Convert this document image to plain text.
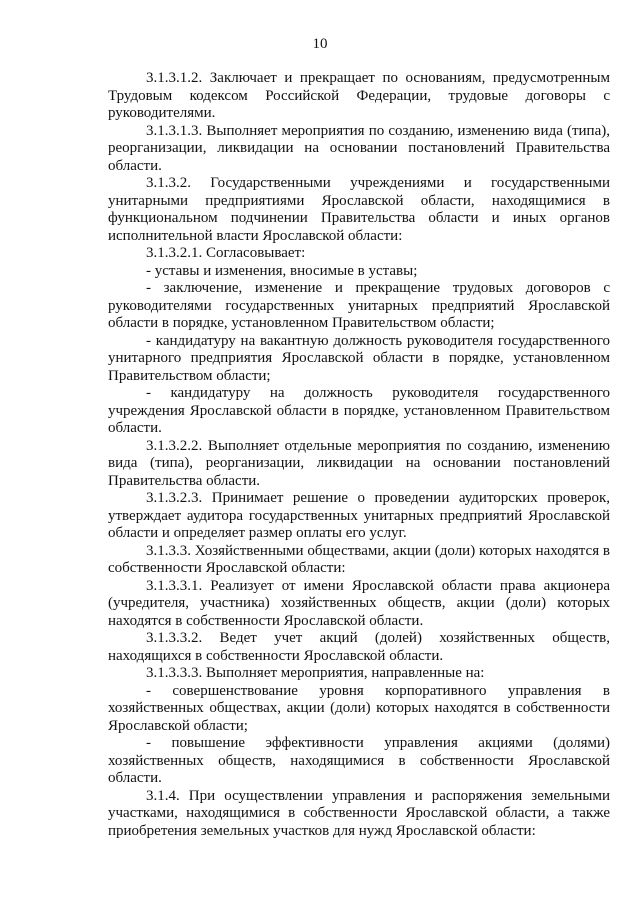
10

3.1.3.1.2. Заключает и прекращает по основаниям, предусмотренным Трудовым кодексом Российской Федерации, трудовые договоры с руководителями.

3.1.3.1.3. Выполняет мероприятия по созданию, изменению вида (типа), реорганизации, ликвидации на основании постановлений Правительства области.

3.1.3.2. Государственными учреждениями и государственными унитарными предприятиями Ярославской области, находящимися в функциональном подчинении Правительства области и иных органов исполнительной власти Ярославской области:

3.1.3.2.1. Согласовывает:

- уставы и изменения, вносимые в уставы;

- заключение, изменение и прекращение трудовых договоров с руководителями государственных унитарных предприятий Ярославской области в порядке, установленном Правительством области;

- кандидатуру на вакантную должность руководителя государственного унитарного предприятия Ярославской области в порядке, установленном Правительством области;

- кандидатуру на должность руководителя государственного учреждения Ярославской области в порядке, установленном Правительством области.

3.1.3.2.2. Выполняет отдельные мероприятия по созданию, изменению вида (типа), реорганизации, ликвидации на основании постановлений Правительства области.

3.1.3.2.3. Принимает решение о проведении аудиторских проверок, утверждает аудитора государственных унитарных предприятий Ярославской области и определяет размер оплаты его услуг.

3.1.3.3. Хозяйственными обществами, акции (доли) которых находятся в собственности Ярославской области:

3.1.3.3.1. Реализует от имени Ярославской области права акционера (учредителя, участника) хозяйственных обществ, акции (доли) которых находятся в собственности Ярославской области.

3.1.3.3.2. Ведет учет акций (долей) хозяйственных обществ, находящихся в собственности Ярославской области.

3.1.3.3.3. Выполняет мероприятия, направленные на:

- совершенствование уровня корпоративного управления в хозяйственных обществах, акции (доли) которых находятся в собственности Ярославской области;

- повышение эффективности управления акциями (долями) хозяйственных обществ, находящимися в собственности Ярославской области.

3.1.4. При осуществлении управления и распоряжения земельными участками, находящимися в собственности Ярославской области, а также приобретения земельных участков для нужд Ярославской области:
